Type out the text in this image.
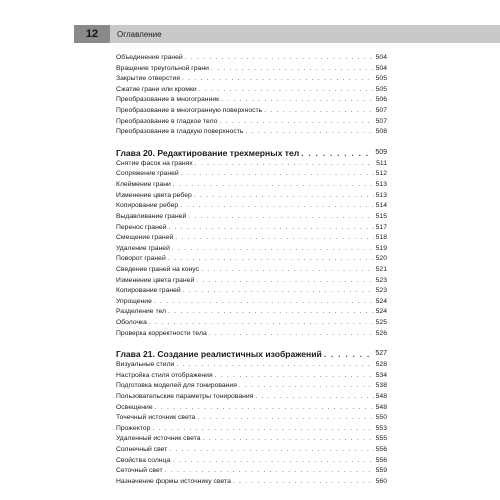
12	Оглавление
Объединение граней . . .	504
Вращение треугольной грани . . .	504
Закрытие отверстия . . .	505
Сжатие грани или кромки . . .	505
Преобразование в многогранник . . .	506
Преобразование в многогранную поверхность . . .	507
Преобразование в гладкое тело . . .	507
Преобразование в гладкую поверхность . . .	508
Глава 20. Редактирование трехмерных тел . . .	509
Снятие фасок на гранях . . .	511
Сопряжение граней . . .	512
Клеймение грани . . .	513
Изменение цвета ребер . . .	513
Копирование ребер . . .	514
Выдавливание граней . . .	515
Перенос граней . . .	517
Смещение граней . . .	518
Удаление граней . . .	519
Поворот граней . . .	520
Сведение граней на конус . . .	521
Изменение цвета граней . . .	523
Копирование граней . . .	523
Упрощение . . .	524
Разделение тел . . .	524
Оболочка . . .	525
Проверка корректности тела . . .	526
Глава 21. Создание реалистичных изображений . . .	527
Визуальные стили . . .	528
Настройка стиля отображения . . .	534
Подготовка моделей для тонирования . . .	538
Пользовательские параметры тонирования . . .	548
Освещение . . .	548
Точечный источник света . . .	550
Прожектор . . .	553
Удаленный источник света . . .	555
Солнечный свет . . .	556
Свойства солнца . . .	556
Сеточный свет . . .	559
Назначение формы источнику света . . .	560
